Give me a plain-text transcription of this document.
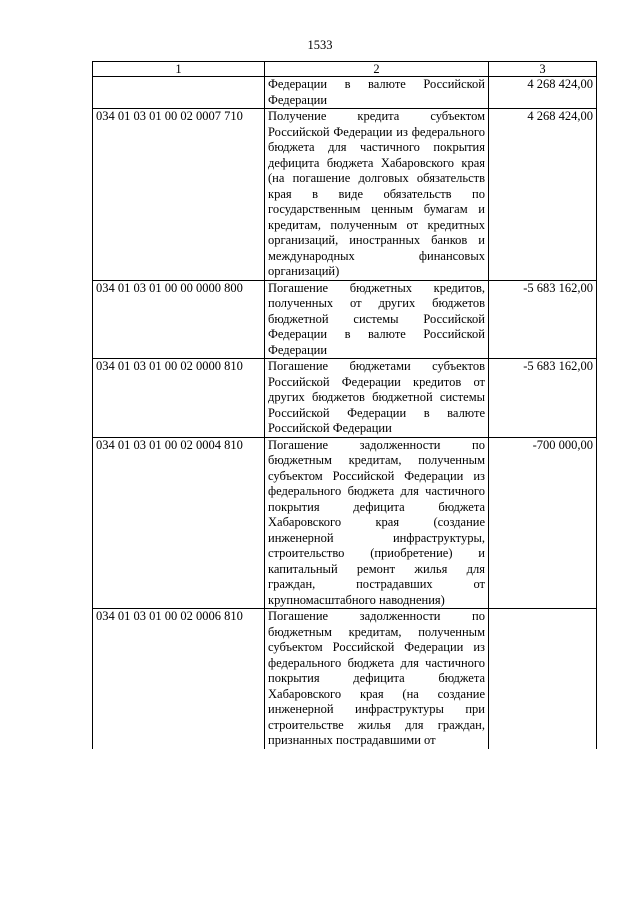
1533
1	2	3
	Федерации в валюте Российской Федерации	4 268 424,00
034 01 03 01 00 02 0007 710	Получение кредита субъектом Российской Федерации из федерального бюджета для частичного покрытия дефицита бюджета Хабаровского края (на погашение долговых обязательств края в виде обязательств по государственным ценным бумагам и кредитам, полученным от кредитных организаций, иностранных банков и международных финансовых организаций)	4 268 424,00
034 01 03 01 00 00 0000 800	Погашение бюджетных кредитов, полученных от других бюджетов бюджетной системы Российской Федерации в валюте Российской Федерации	-5 683 162,00
034 01 03 01 00 02 0000 810	Погашение бюджетами субъектов Российской Федерации кредитов от других бюджетов бюджетной системы Российской Федерации в валюте Российской Федерации	-5 683 162,00
034 01 03 01 00 02 0004 810	Погашение задолженности по бюджетным кредитам, полученным субъектом Российской Федерации из федерального бюджета для частичного покрытия дефицита бюджета Хабаровского края (создание инженерной инфраструктуры, строительство (приобретение) и капитальный ремонт жилья для граждан, пострадавших от крупномасштабного наводнения)	-700 000,00
034 01 03 01 00 02 0006 810	Погашение задолженности по бюджетным кредитам, полученным субъектом Российской Федерации из федерального бюджета для частичного покрытия дефицита бюджета Хабаровского края (на создание инженерной инфраструктуры при строительстве жилья для граждан, признанных пострадавшими от	
